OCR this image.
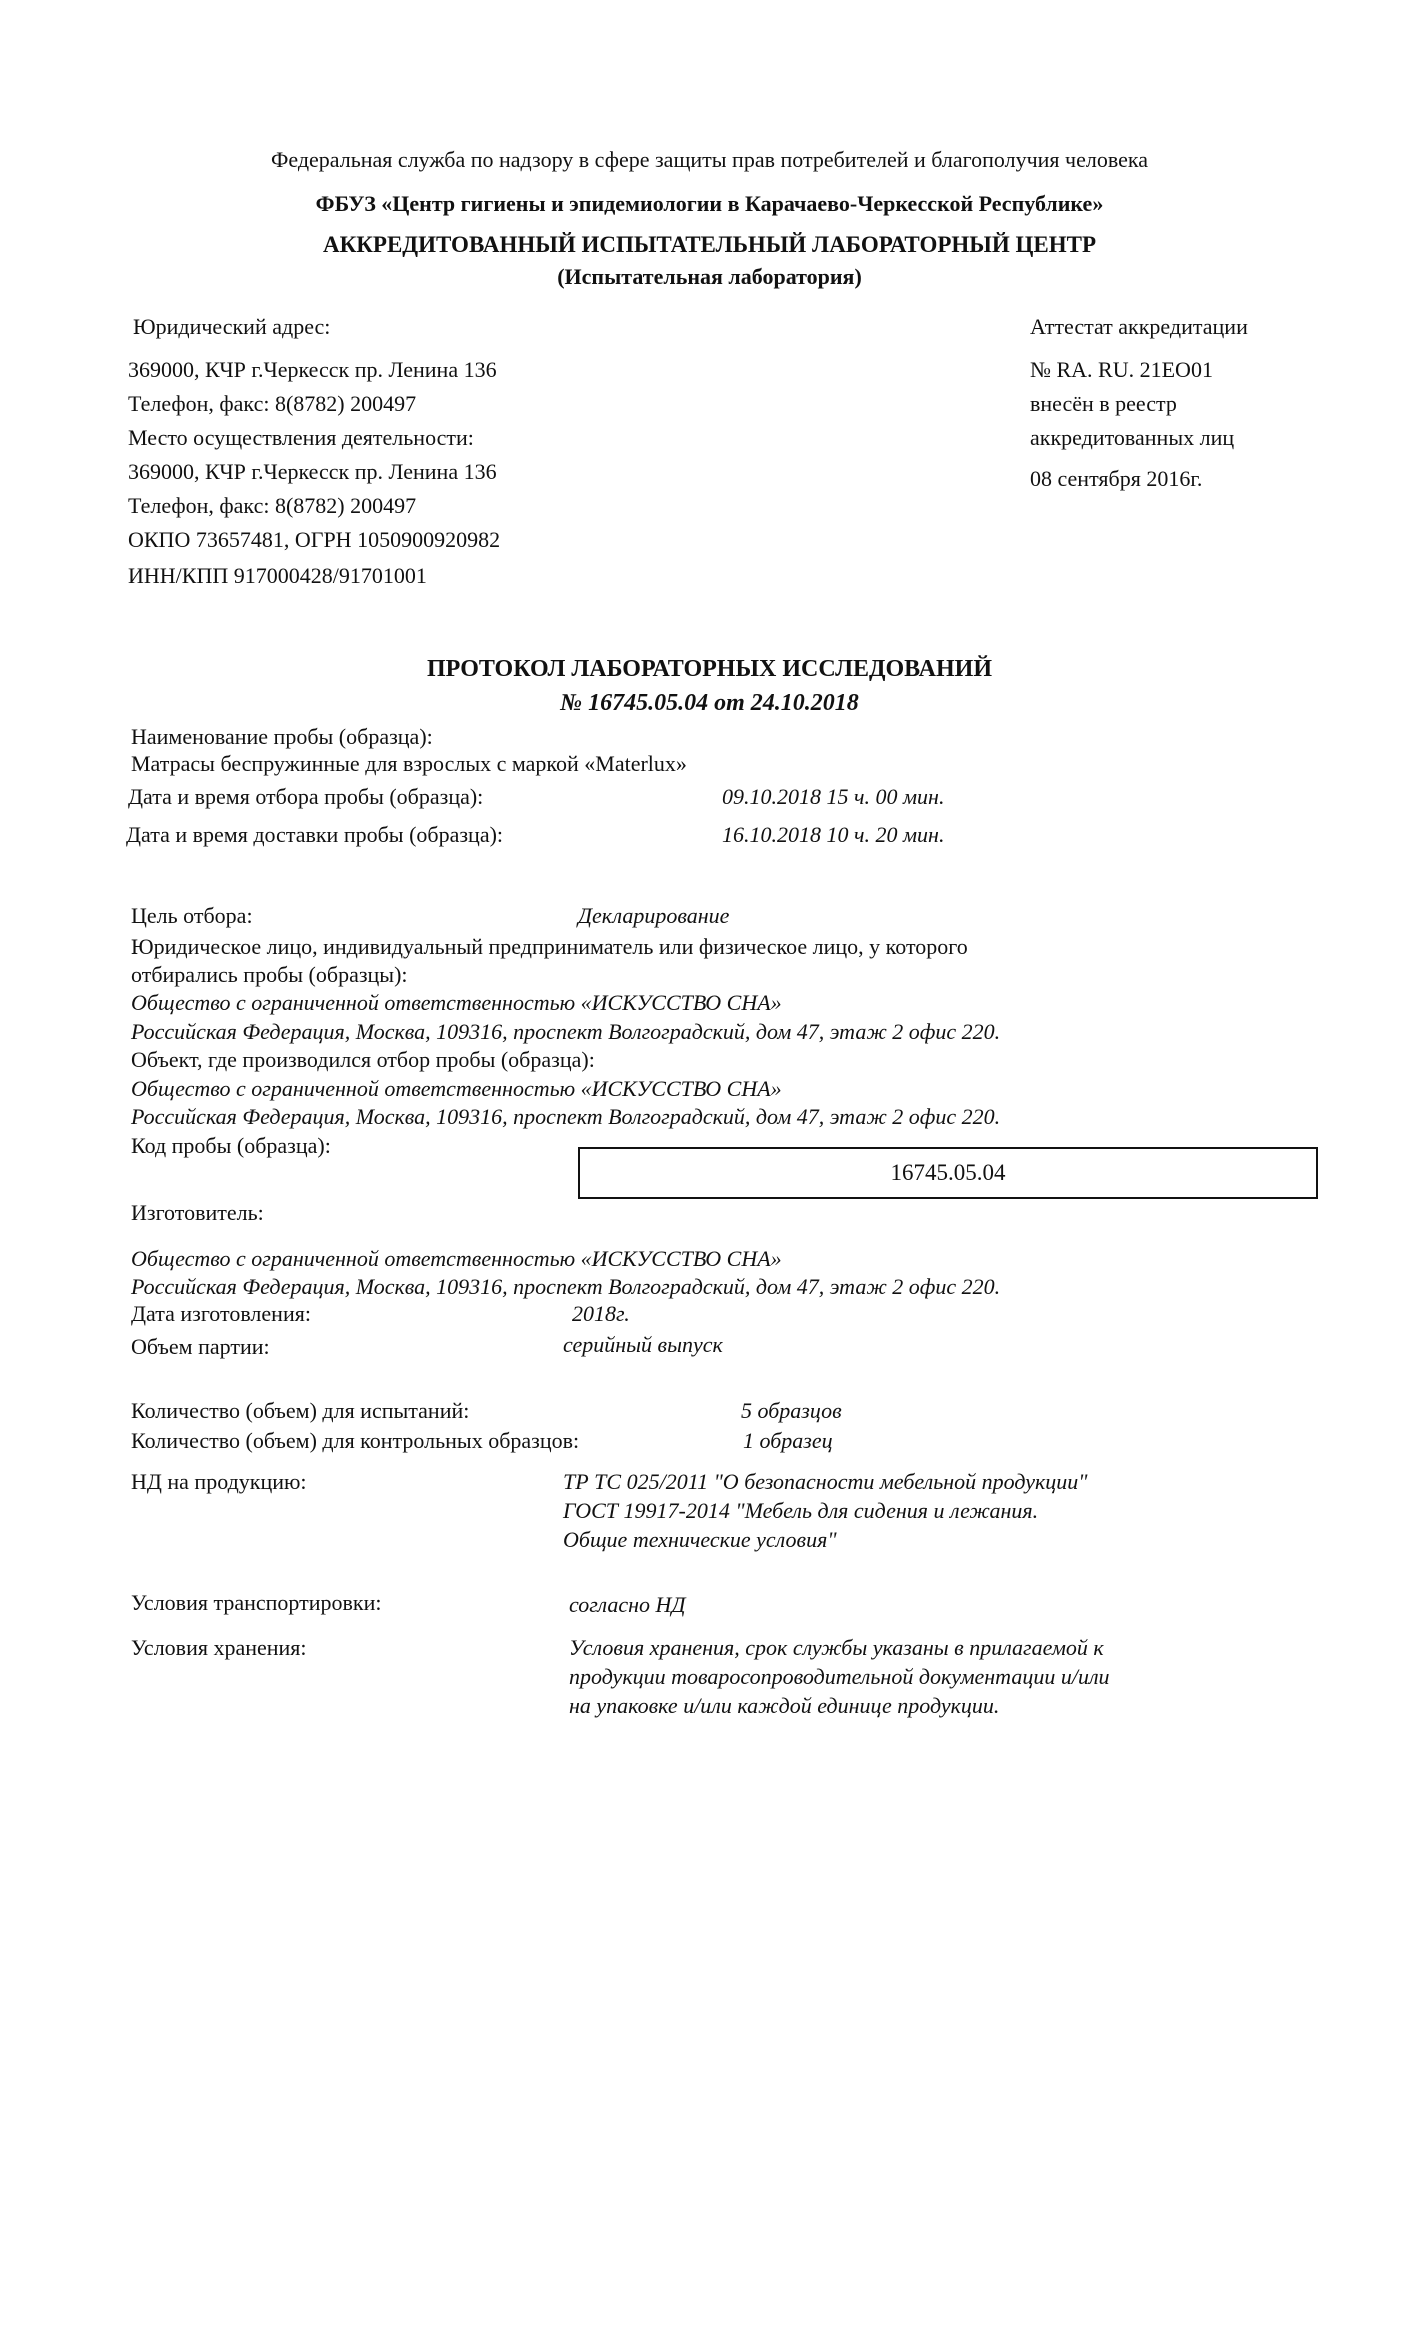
Федеральная служба по надзору в сфере защиты прав потребителей и благополучия человека
ФБУЗ «Центр гигиены и эпидемиологии в Карачаево-Черкесской Республике»
АККРЕДИТОВАННЫЙ ИСПЫТАТЕЛЬНЫЙ ЛАБОРАТОРНЫЙ ЦЕНТР
(Испытательная лаборатория)
Юридический адрес:
369000, КЧР г.Черкесск пр. Ленина 136
Телефон, факс: 8(8782) 200497
Место осуществления деятельности:
369000, КЧР г.Черкесск пр. Ленина 136
Телефон, факс: 8(8782) 200497
ОКПО 73657481, ОГРН 1050900920982
ИНН/КПП 917000428/91701001
Аттестат аккредитации
№ RA. RU. 21ЕО01
внесён в реестр
аккредитованных лиц
08 сентября 2016г.
ПРОТОКОЛ ЛАБОРАТОРНЫХ ИССЛЕДОВАНИЙ
№ 16745.05.04 от 24.10.2018
Наименование пробы (образца):
Матрасы беспружинные для взрослых с маркой «Materlux»
Дата и время отбора пробы (образца):	09.10.2018 15 ч. 00 мин.
Дата и время доставки пробы (образца):	16.10.2018 10 ч. 20 мин.
Цель отбора:	Декларирование
Юридическое лицо, индивидуальный предприниматель или физическое лицо, у которого
отбирались пробы (образцы):
Общество с ограниченной ответственностью «ИСКУССТВО СНА»
Российская Федерация, Москва, 109316, проспект Волгоградский, дом 47, этаж 2 офис 220.
Объект, где производился отбор пробы (образца):
Общество с ограниченной ответственностью «ИСКУССТВО СНА»
Российская Федерация, Москва, 109316, проспект Волгоградский, дом 47, этаж 2 офис 220.
Код пробы (образца):
16745.05.04
Изготовитель:
Общество с ограниченной ответственностью «ИСКУССТВО СНА»
Российская Федерация, Москва, 109316, проспект Волгоградский, дом 47, этаж 2 офис 220.
Дата изготовления:	2018г.
Объем партии:	серийный выпуск
Количество (объем) для испытаний:	5 образцов
Количество (объем) для контрольных образцов:	1 образец
НД на продукцию:	ТР ТС 025/2011 "О безопасности мебельной продукции"
ГОСТ 19917-2014 "Мебель для сидения и лежания.
Общие технические условия"
Условия транспортировки:	согласно НД
Условия хранения:	Условия хранения, срок службы указаны в прилагаемой к
продукции товаросопроводительной документации и/или
на упаковке и/или каждой единице продукции.
